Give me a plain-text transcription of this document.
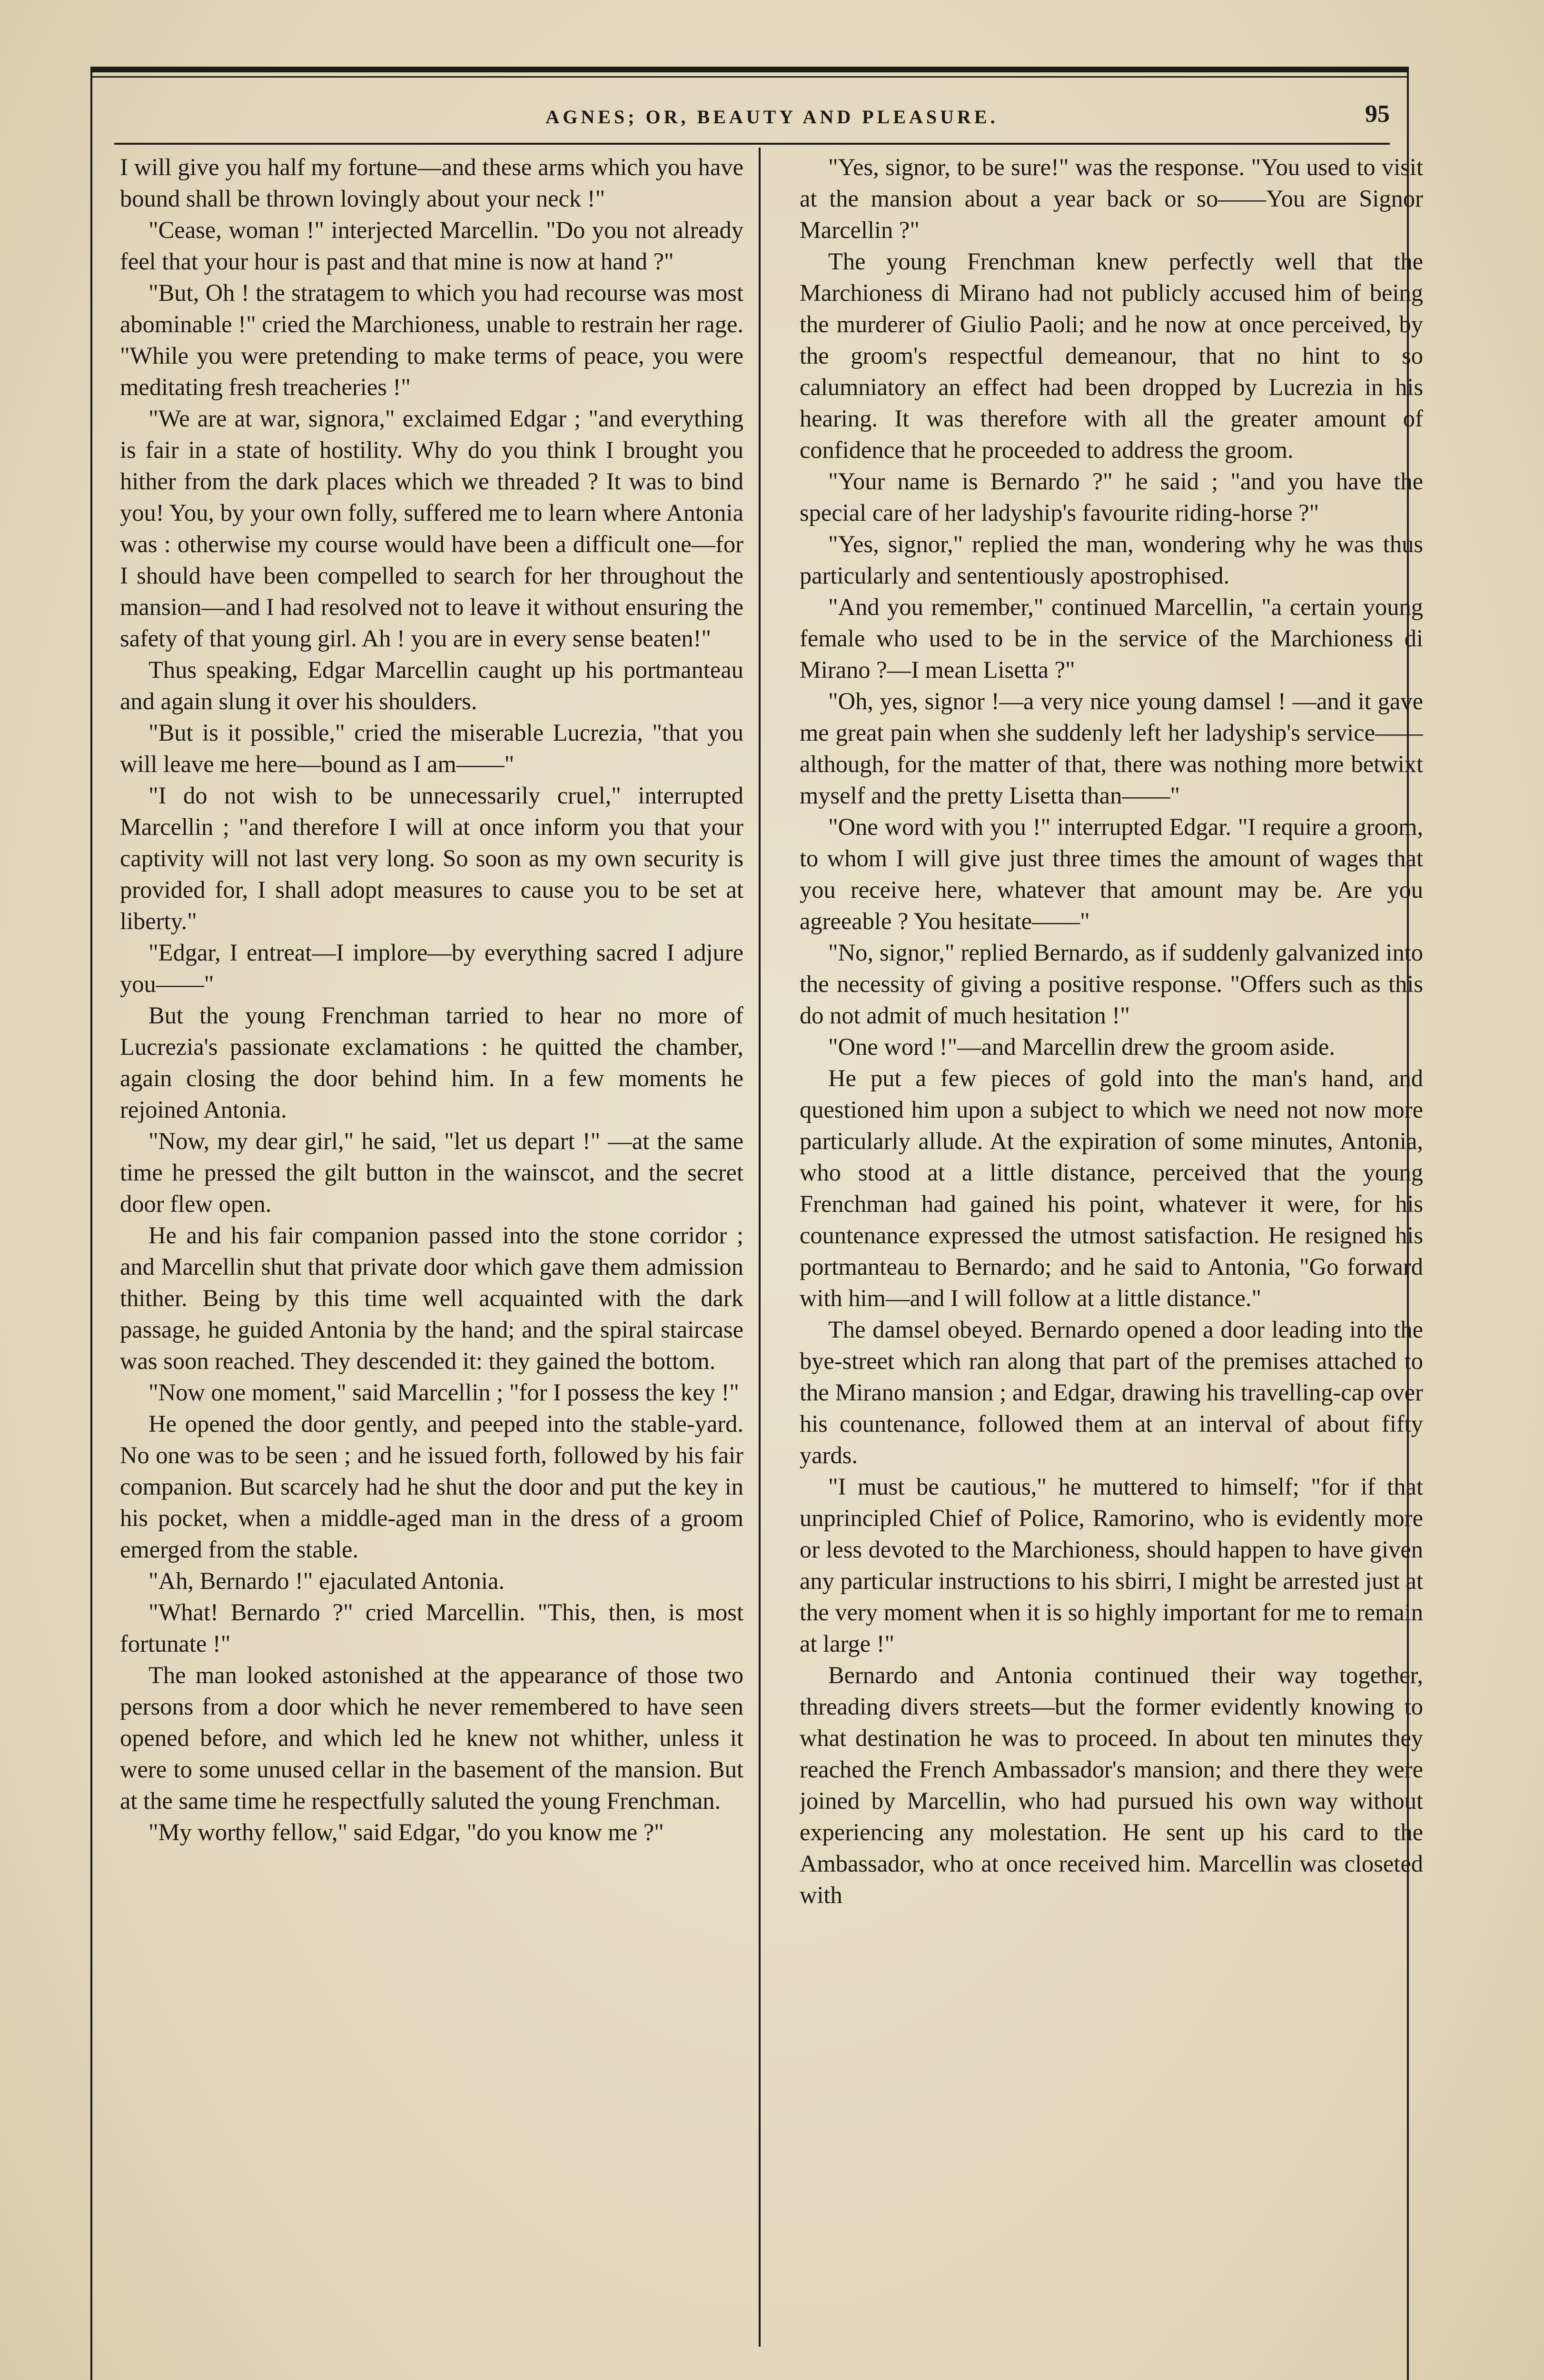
AGNES; OR, BEAUTY AND PLEASURE.	95

I will give you half my fortune—and these arms which you have bound shall be thrown lovingly about your neck !"

"Cease, woman !" interjected Marcellin. "Do you not already feel that your hour is past and that mine is now at hand ?"

"But, Oh ! the stratagem to which you had recourse was most abominable !" cried the Marchioness, unable to restrain her rage. "While you were pretending to make terms of peace, you were meditating fresh treacheries !"

"We are at war, signora," exclaimed Edgar ; "and everything is fair in a state of hostility. Why do you think I brought you hither from the dark places which we threaded ? It was to bind you! You, by your own folly, suffered me to learn where Antonia was : otherwise my course would have been a difficult one—for I should have been compelled to search for her throughout the mansion—and I had resolved not to leave it without ensuring the safety of that young girl. Ah ! you are in every sense beaten!"

Thus speaking, Edgar Marcellin caught up his portmanteau and again slung it over his shoulders.

"But is it possible," cried the miserable Lucrezia, "that you will leave me here—bound as I am——"

"I do not wish to be unnecessarily cruel," interrupted Marcellin ; "and therefore I will at once inform you that your captivity will not last very long. So soon as my own security is provided for, I shall adopt measures to cause you to be set at liberty."

"Edgar, I entreat—I implore—by everything sacred I adjure you——"

But the young Frenchman tarried to hear no more of Lucrezia's passionate exclamations : he quitted the chamber, again closing the door behind him. In a few moments he rejoined Antonia.

"Now, my dear girl," he said, "let us depart !" —at the same time he pressed the gilt button in the wainscot, and the secret door flew open.

He and his fair companion passed into the stone corridor ; and Marcellin shut that private door which gave them admission thither. Being by this time well acquainted with the dark passage, he guided Antonia by the hand; and the spiral staircase was soon reached. They descended it: they gained the bottom.

"Now one moment," said Marcellin ; "for I possess the key !"

He opened the door gently, and peeped into the stable-yard. No one was to be seen ; and he issued forth, followed by his fair companion. But scarcely had he shut the door and put the key in his pocket, when a middle-aged man in the dress of a groom emerged from the stable.

"Ah, Bernardo !" ejaculated Antonia.

"What! Bernardo ?" cried Marcellin. "This, then, is most fortunate !"

The man looked astonished at the appearance of those two persons from a door which he never remembered to have seen opened before, and which led he knew not whither, unless it were to some unused cellar in the basement of the mansion. But at the same time he respectfully saluted the young Frenchman.

"My worthy fellow," said Edgar, "do you know me ?"

"Yes, signor, to be sure!" was the response. "You used to visit at the mansion about a year back or so——You are Signor Marcellin ?"

The young Frenchman knew perfectly well that the Marchioness di Mirano had not publicly accused him of being the murderer of Giulio Paoli; and he now at once perceived, by the groom's respectful demeanour, that no hint to so calumniatory an effect had been dropped by Lucrezia in his hearing. It was therefore with all the greater amount of confidence that he proceeded to address the groom.

"Your name is Bernardo ?" he said ; "and you have the special care of her ladyship's favourite riding-horse ?"

"Yes, signor," replied the man, wondering why he was thus particularly and sententiously apostrophised.

"And you remember," continued Marcellin, "a certain young female who used to be in the service of the Marchioness di Mirano ?—I mean Lisetta ?"

"Oh, yes, signor !—a very nice young damsel ! —and it gave me great pain when she suddenly left her ladyship's service——although, for the matter of that, there was nothing more betwixt myself and the pretty Lisetta than——"

"One word with you !" interrupted Edgar. "I require a groom, to whom I will give just three times the amount of wages that you receive here, whatever that amount may be. Are you agreeable ? You hesitate——"

"No, signor," replied Bernardo, as if suddenly galvanized into the necessity of giving a positive response. "Offers such as this do not admit of much hesitation !"

"One word !"—and Marcellin drew the groom aside.

He put a few pieces of gold into the man's hand, and questioned him upon a subject to which we need not now more particularly allude. At the expiration of some minutes, Antonia, who stood at a little distance, perceived that the young Frenchman had gained his point, whatever it were, for his countenance expressed the utmost satisfaction. He resigned his portmanteau to Bernardo; and he said to Antonia, "Go forward with him—and I will follow at a little distance."

The damsel obeyed. Bernardo opened a door leading into the bye-street which ran along that part of the premises attached to the Mirano mansion ; and Edgar, drawing his travelling-cap over his countenance, followed them at an interval of about fifty yards.

"I must be cautious," he muttered to himself; "for if that unprincipled Chief of Police, Ramorino, who is evidently more or less devoted to the Marchioness, should happen to have given any particular instructions to his sbirri, I might be arrested just at the very moment when it is so highly important for me to remain at large !"

Bernardo and Antonia continued their way together, threading divers streets—but the former evidently knowing to what destination he was to proceed. In about ten minutes they reached the French Ambassador's mansion; and there they were joined by Marcellin, who had pursued his own way without experiencing any molestation. He sent up his card to the Ambassador, who at once received him. Marcellin was closeted with
